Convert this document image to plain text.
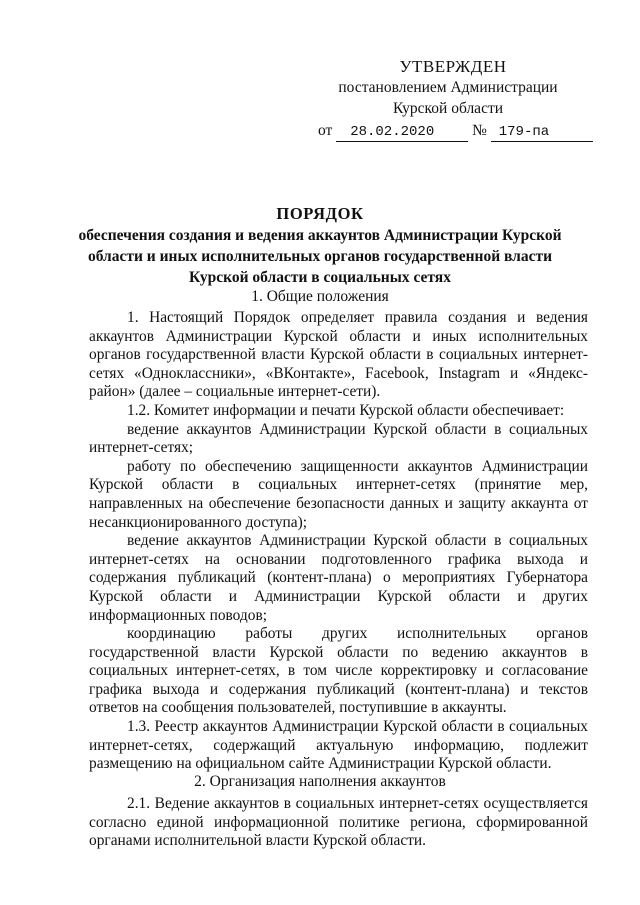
УТВЕРЖДЕН
постановлением Администрации
Курской области
от 28.02.2020 № 179-па
ПОРЯДОК
обеспечения создания и ведения аккаунтов Администрации Курской
области и иных исполнительных органов государственной власти
Курской области в социальных сетях
1. Общие положения

1. Настоящий Порядок определяет правила создания и ведения аккаунтов Администрации Курской области и иных исполнительных органов государственной власти Курской области в социальных интернет-сетях «Одноклассники», «ВКонтакте», Facebook, Instagram и «Яндекс-район» (далее – социальные интернет-сети).

1.2. Комитет информации и печати Курской области обеспечивает:

ведение аккаунтов Администрации Курской области в социальных интернет-сетях;

работу по обеспечению защищенности аккаунтов Администрации Курской области в социальных интернет-сетях (принятие мер, направленных на обеспечение безопасности данных и защиту аккаунта от несанкционированного доступа);

ведение аккаунтов Администрации Курской области в социальных интернет-сетях на основании подготовленного графика выхода и содержания публикаций (контент-плана) о мероприятиях Губернатора Курской области и Администрации Курской области и других информационных поводов;

координацию работы других исполнительных органов государственной власти Курской области по ведению аккаунтов в социальных интернет-сетях, в том числе корректировку и согласование графика выхода и содержания публикаций (контент-плана) и текстов ответов на сообщения пользователей, поступившие в аккаунты.

1.3. Реестр аккаунтов Администрации Курской области в социальных интернет-сетях, содержащий актуальную информацию, подлежит размещению на официальном сайте Администрации Курской области.

2. Организация наполнения аккаунтов

2.1. Ведение аккаунтов в социальных интернет-сетях осуществляется согласно единой информационной политике региона, сформированной органами исполнительной власти Курской области.
